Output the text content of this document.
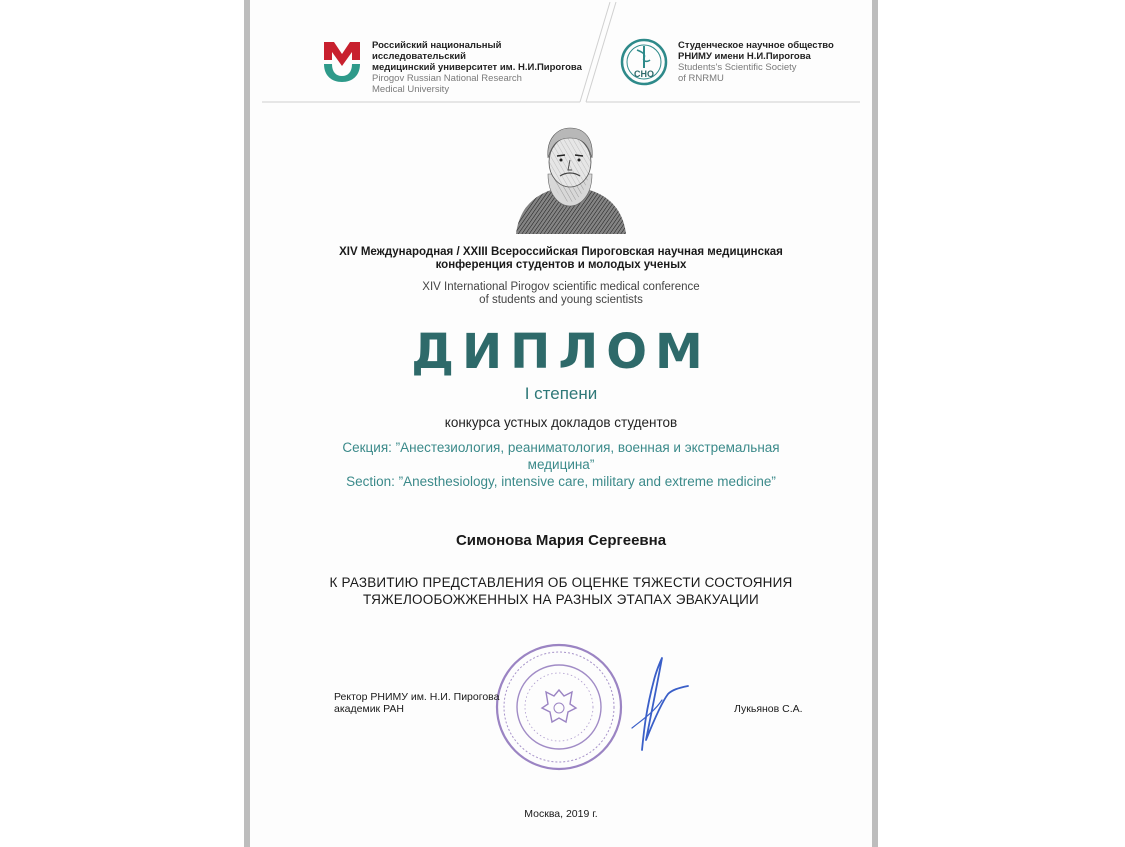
Российский национальный исследовательский
медицинский университет им. Н.И.Пирогова
Pirogov Russian National Research
Medical University
СНО
Студенческое научное общество
РНИМУ имени Н.И.Пирогова
Students's Scientific Society
of RNRMU
XIV Международная / XXIII Всероссийская Пироговская научная медицинская
конференция студентов и молодых ученых
XIV International Pirogov scientific medical conference
of students and young scientists
ДИПЛОМ
I степени
конкурса устных докладов студентов
Секция: ”Анестезиология, реаниматология, военная и экстремальная
медицина”
Section: ”Anesthesiology, intensive care, military and extreme medicine”
Симонова Мария Сергеевна
К РАЗВИТИЮ ПРЕДСТАВЛЕНИЯ ОБ ОЦЕНКЕ ТЯЖЕСТИ СОСТОЯНИЯ
ТЯЖЕЛООБОЖЖЕННЫХ НА РАЗНЫХ ЭТАПАХ ЭВАКУАЦИИ
Ректор РНИМУ им. Н.И. Пирогова
академик РАН	Лукьянов С.А.
Москва, 2019 г.
